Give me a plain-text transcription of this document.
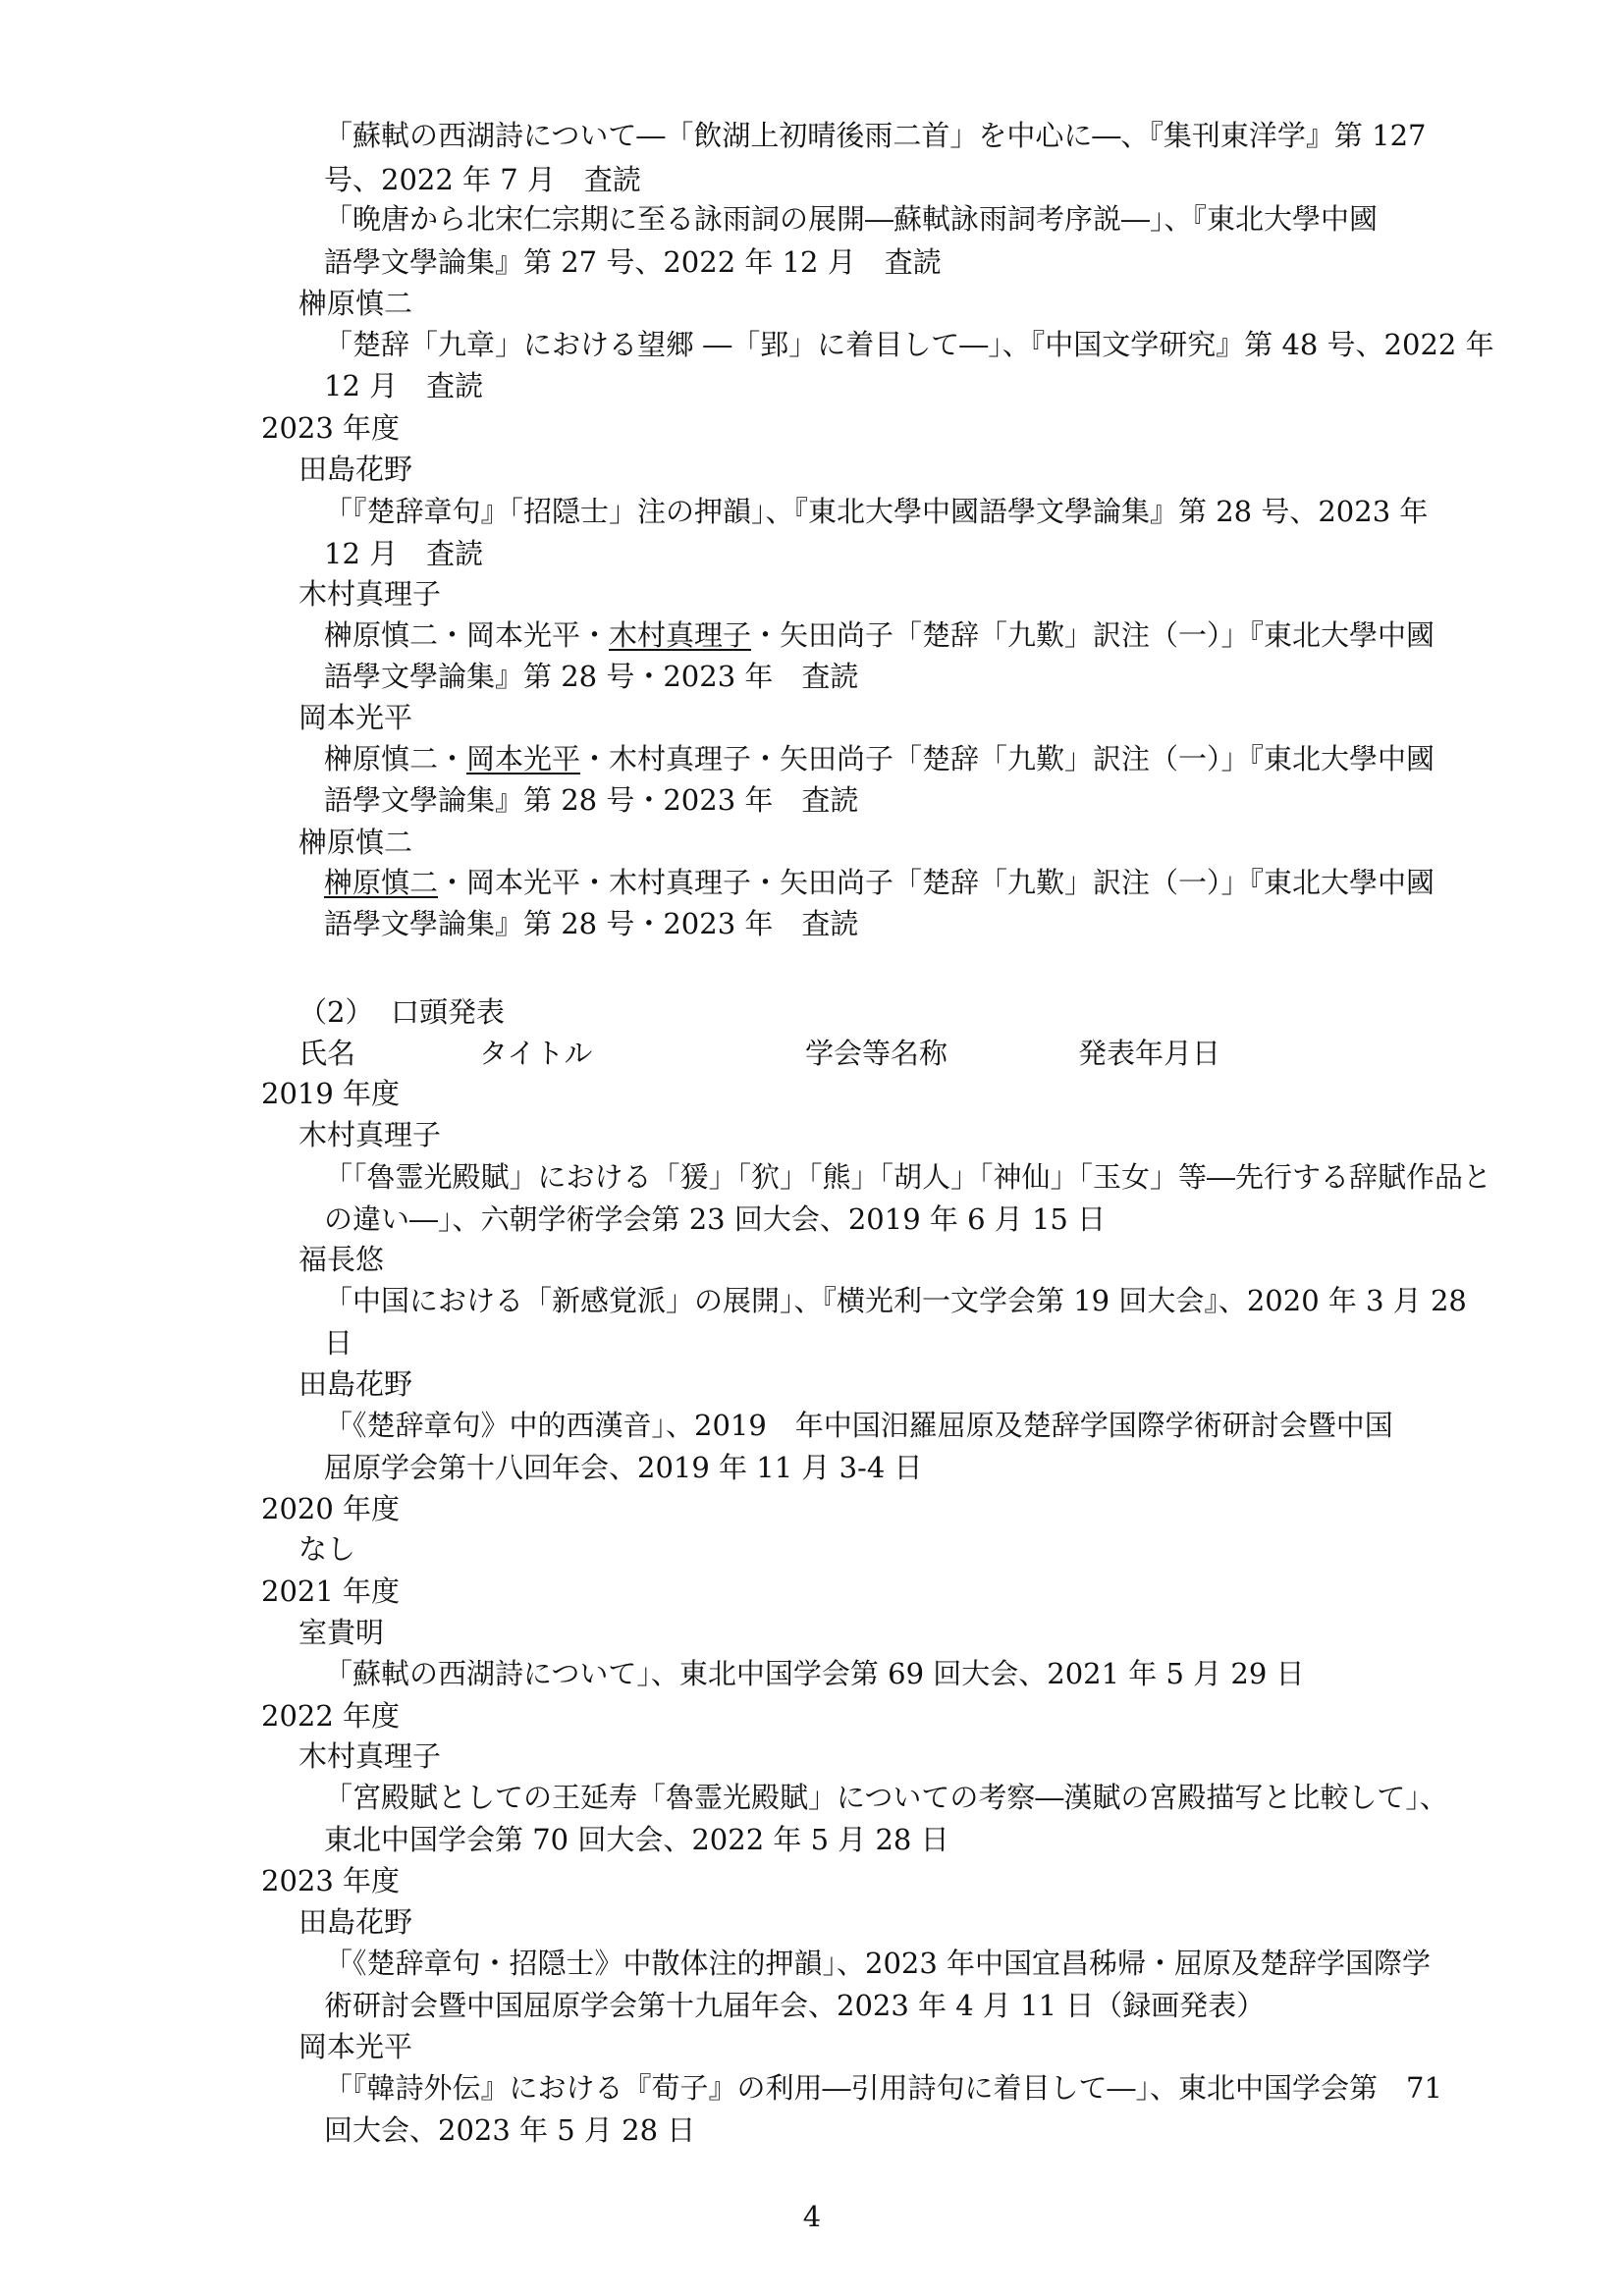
「蘇軾の西湖詩について―「飲湖上初晴後雨二首」を中心に―、『集刊東洋学』第 127
号、2022 年 7 月　査読
「晩唐から北宋仁宗期に至る詠雨詞の展開―蘇軾詠雨詞考序説―」、『東北大學中國
語學文學論集』第 27 号、2022 年 12 月　査読
榊原慎二
「楚辞「九章」における望郷 ―「郢」に着目して―」、『中国文学研究』第 48 号、2022 年
12 月　査読
2023 年度
田島花野
「『楚辞章句』「招隠士」注の押韻」、『東北大學中國語學文學論集』第 28 号、2023 年
12 月　査読
木村真理子
榊原慎二・岡本光平・木村真理子・矢田尚子「楚辞「九歎」訳注（一）」『東北大學中國
語學文學論集』第 28 号・2023 年　査読
岡本光平
榊原慎二・岡本光平・木村真理子・矢田尚子「楚辞「九歎」訳注（一）」『東北大學中國
語學文學論集』第 28 号・2023 年　査読
榊原慎二
榊原慎二・岡本光平・木村真理子・矢田尚子「楚辞「九歎」訳注（一）」『東北大學中國
語學文學論集』第 28 号・2023 年　査読
（2） 口頭発表
氏名	タイトル	学会等名称	発表年月日
2019 年度
木村真理子
「「魯霊光殿賦」における「猨」「狖」「熊」「胡人」「神仙」「玉女」等―先行する辞賦作品と
の違い―」、六朝学術学会第 23 回大会、2019 年 6 月 15 日
福長悠
「中国における「新感覚派」の展開」、『横光利一文学会第 19 回大会』、2020 年 3 月 28
日
田島花野
「《楚辞章句》中的西漢音」、2019　年中国汨羅屈原及楚辞学国際学術研討会暨中国
屈原学会第十八回年会、2019 年 11 月 3-4 日
2020 年度
なし
2021 年度
室貴明
「蘇軾の西湖詩について」、東北中国学会第 69 回大会、2021 年 5 月 29 日
2022 年度
木村真理子
「宮殿賦としての王延寿「魯霊光殿賦」についての考察―漢賦の宮殿描写と比較して」、
東北中国学会第 70 回大会、2022 年 5 月 28 日
2023 年度
田島花野
「《楚辞章句・招隠士》中散体注的押韻」、2023 年中国宜昌秭帰・屈原及楚辞学国際学
術研討会暨中国屈原学会第十九届年会、2023 年 4 月 11 日（録画発表）
岡本光平
「『韓詩外伝』における『荀子』の利用―引用詩句に着目して―」、東北中国学会第　71
回大会、2023 年 5 月 28 日
4
